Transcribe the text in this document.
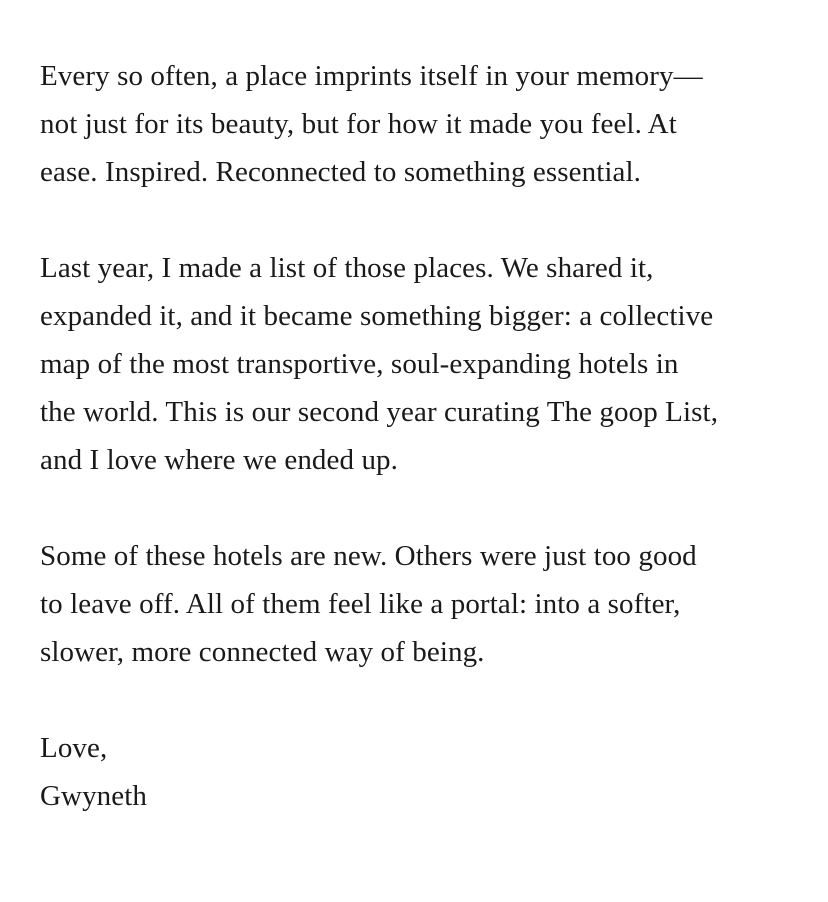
Every so often, a place imprints itself in your memory—
not just for its beauty, but for how it made you feel. At
ease. Inspired. Reconnected to something essential.
Last year, I made a list of those places. We shared it,
expanded it, and it became something bigger: a collective
map of the most transportive, soul-expanding hotels in
the world. This is our second year curating The goop List,
and I love where we ended up.
Some of these hotels are new. Others were just too good
to leave off. All of them feel like a portal: into a softer,
slower, more connected way of being.
Love,
Gwyneth
